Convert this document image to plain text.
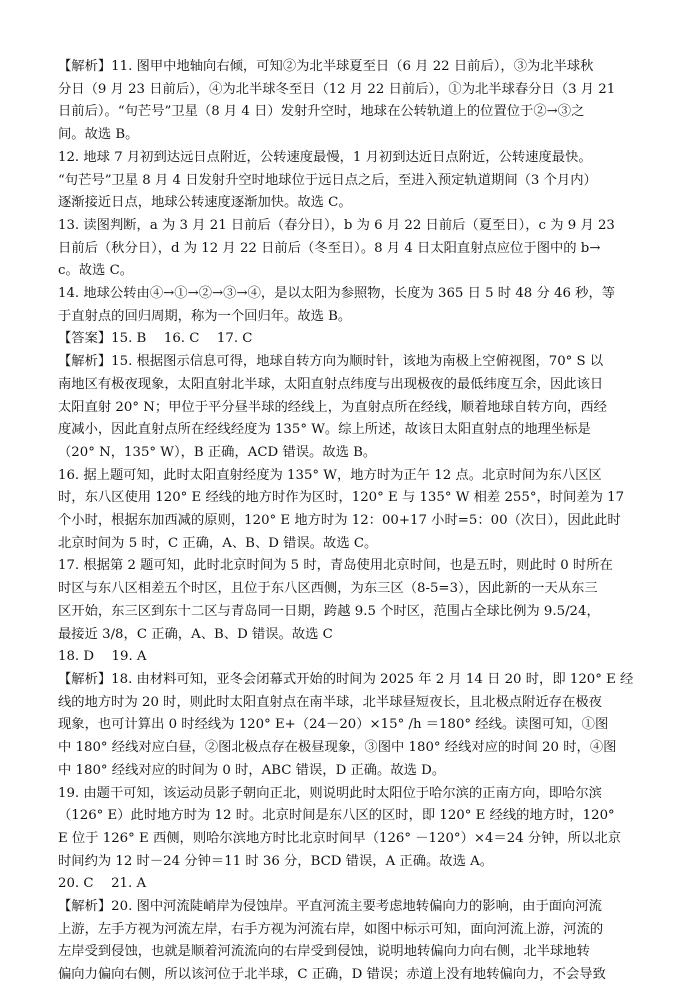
【解析】11. 图甲中地轴向右倾，可知②为北半球夏至日（6 月 22 日前后），③为北半球秋
分日（9 月 23 日前后），④为北半球冬至日（12 月 22 日前后），①为北半球春分日（3 月 21
日前后）。“句芒号”卫星（8 月 4 日）发射升空时，地球在公转轨道上的位置位于②→③之
间。故选 B。
12. 地球 7 月初到达远日点附近，公转速度最慢，1 月初到达近日点附近，公转速度最快。
“句芒号”卫星 8 月 4 日发射升空时地球位于远日点之后，至进入预定轨道期间（3 个月内）
逐渐接近日点，地球公转速度逐渐加快。故选 C。
13. 读图判断，a 为 3 月 21 日前后（春分日），b 为 6 月 22 日前后（夏至日），c 为 9 月 23
日前后（秋分日），d 为 12 月 22 日前后（冬至日）。8 月 4 日太阳直射点应位于图中的 b→
c。故选 C。
14. 地球公转由④→①→②→③→④，是以太阳为参照物，长度为 365 日 5 时 48 分 46 秒，等
于直射点的回归周期，称为一个回归年。故选 B。
【答案】15. B　 16. C　 17. C
【解析】15. 根据图示信息可得，地球自转方向为顺时针，该地为南极上空俯视图，70° S 以
南地区有极夜现象，太阳直射北半球，太阳直射点纬度与出现极夜的最低纬度互余，因此该日
太阳直射 20° N；甲位于平分昼半球的经线上，为直射点所在经线，顺着地球自转方向，西经
度减小，因此直射点所在经线经度为 135° W。综上所述，故该日太阳直射点的地理坐标是
（20° N，135° W），B 正确，ACD 错误。故选 B。
16. 据上题可知，此时太阳直射经度为 135° W，地方时为正午 12 点。北京时间为东八区区
时，东八区使用 120° E 经线的地方时作为区时，120° E 与 135° W 相差 255°，时间差为 17
个小时，根据东加西减的原则，120° E 地方时为 12：00+17 小时=5：00（次日），因此此时
北京时间为 5 时，C 正确，A、B、D 错误。故选 C。
17. 根据第 2 题可知，此时北京时间为 5 时，青岛使用北京时间，也是五时，则此时 0 时所在
时区与东八区相差五个时区，且位于东八区西侧，为东三区（8-5=3），因此新的一天从东三
区开始，东三区到东十二区与青岛同一日期，跨越 9.5 个时区，范围占全球比例为 9.5/24，
最接近 3/8，C 正确，A、B、D 错误。故选 C
18. D　 19. A
【解析】18. 由材料可知，亚冬会闭幕式开始的时间为 2025 年 2 月 14 日 20 时，即 120° E 经
线的地方时为 20 时，则此时太阳直射点在南半球，北半球昼短夜长，且北极点附近存在极夜
现象，也可计算出 0 时经线为 120° E+（24－20）×15° /h ＝180° 经线。读图可知，①图
中 180° 经线对应白昼，②图北极点存在极昼现象，③图中 180° 经线对应的时间 20 时，④图
中 180° 经线对应的时间为 0 时，ABC 错误，D 正确。故选 D。
19. 由题干可知，该运动员影子朝向正北，则说明此时太阳位于哈尔滨的正南方向，即哈尔滨
（126° E）此时地方时为 12 时。北京时间是东八区的区时，即 120° E 经线的地方时，120°
E 位于 126° E 西侧，则哈尔滨地方时比北京时间早（126° －120°）×4＝24 分钟，所以北京
时间约为 12 时－24 分钟＝11 时 36 分，BCD 错误，A 正确。故选 A。
20. C　 21. A
【解析】20. 图中河流陡峭岸为侵蚀岸。平直河流主要考虑地转偏向力的影响，由于面向河流
上游，左手方视为河流左岸，右手方视为河流右岸，如图中标示可知，面向河流上游，河流的
左岸受到侵蚀，也就是顺着河流流向的右岸受到侵蚀，说明地转偏向力向右侧，北半球地转
偏向力偏向右侧，所以该河位于北半球，C 正确，D 错误；赤道上没有地转偏向力，不会导致
